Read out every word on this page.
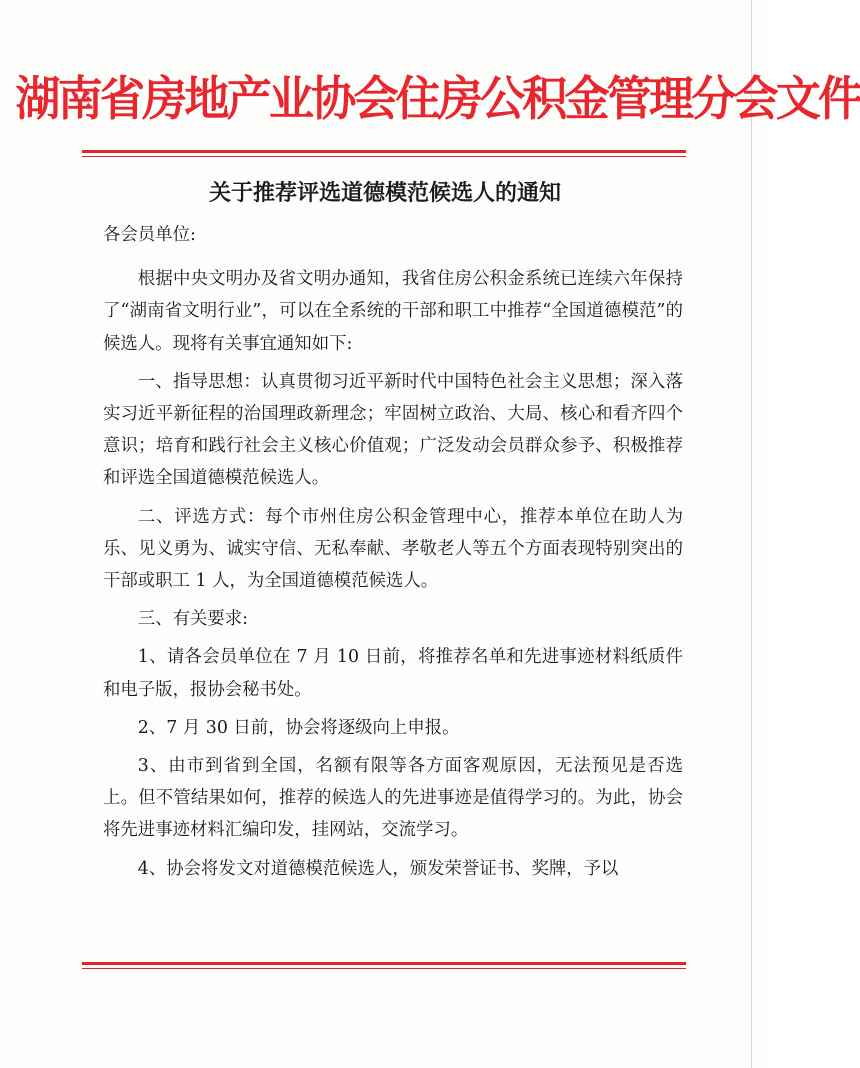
湖南省房地产业协会住房公积金管理分会文件
关于推荐评选道德模范候选人的通知

各会员单位:

根据中央文明办及省文明办通知，我省住房公积金系统已连续六年保持了“湖南省文明行业”，可以在全系统的干部和职工中推荐“全国道德模范”的候选人。现将有关事宜通知如下:

一、指导思想：认真贯彻习近平新时代中国特色社会主义思想；深入落实习近平新征程的治国理政新理念；牢固树立政治、大局、核心和看齐四个意识；培育和践行社会主义核心价值观；广泛发动会员群众参予、积极推荐和评选全国道德模范候选人。

二、评选方式：每个市州住房公积金管理中心，推荐本单位在助人为乐、见义勇为、诚实守信、无私奉献、孝敬老人等五个方面表现特别突出的干部或职工 1 人，为全国道德模范候选人。

三、有关要求:

1、请各会员单位在 7 月 10 日前，将推荐名单和先进事迹材料纸质件和电子版，报协会秘书处。

2、7 月 30 日前，协会将逐级向上申报。

3、由市到省到全国，名额有限等各方面客观原因，无法预见是否选上。但不管结果如何，推荐的候选人的先进事迹是值得学习的。为此，协会将先进事迹材料汇编印发，挂网站，交流学习。

4、协会将发文对道德模范候选人，颁发荣誉证书、奖牌，予以
